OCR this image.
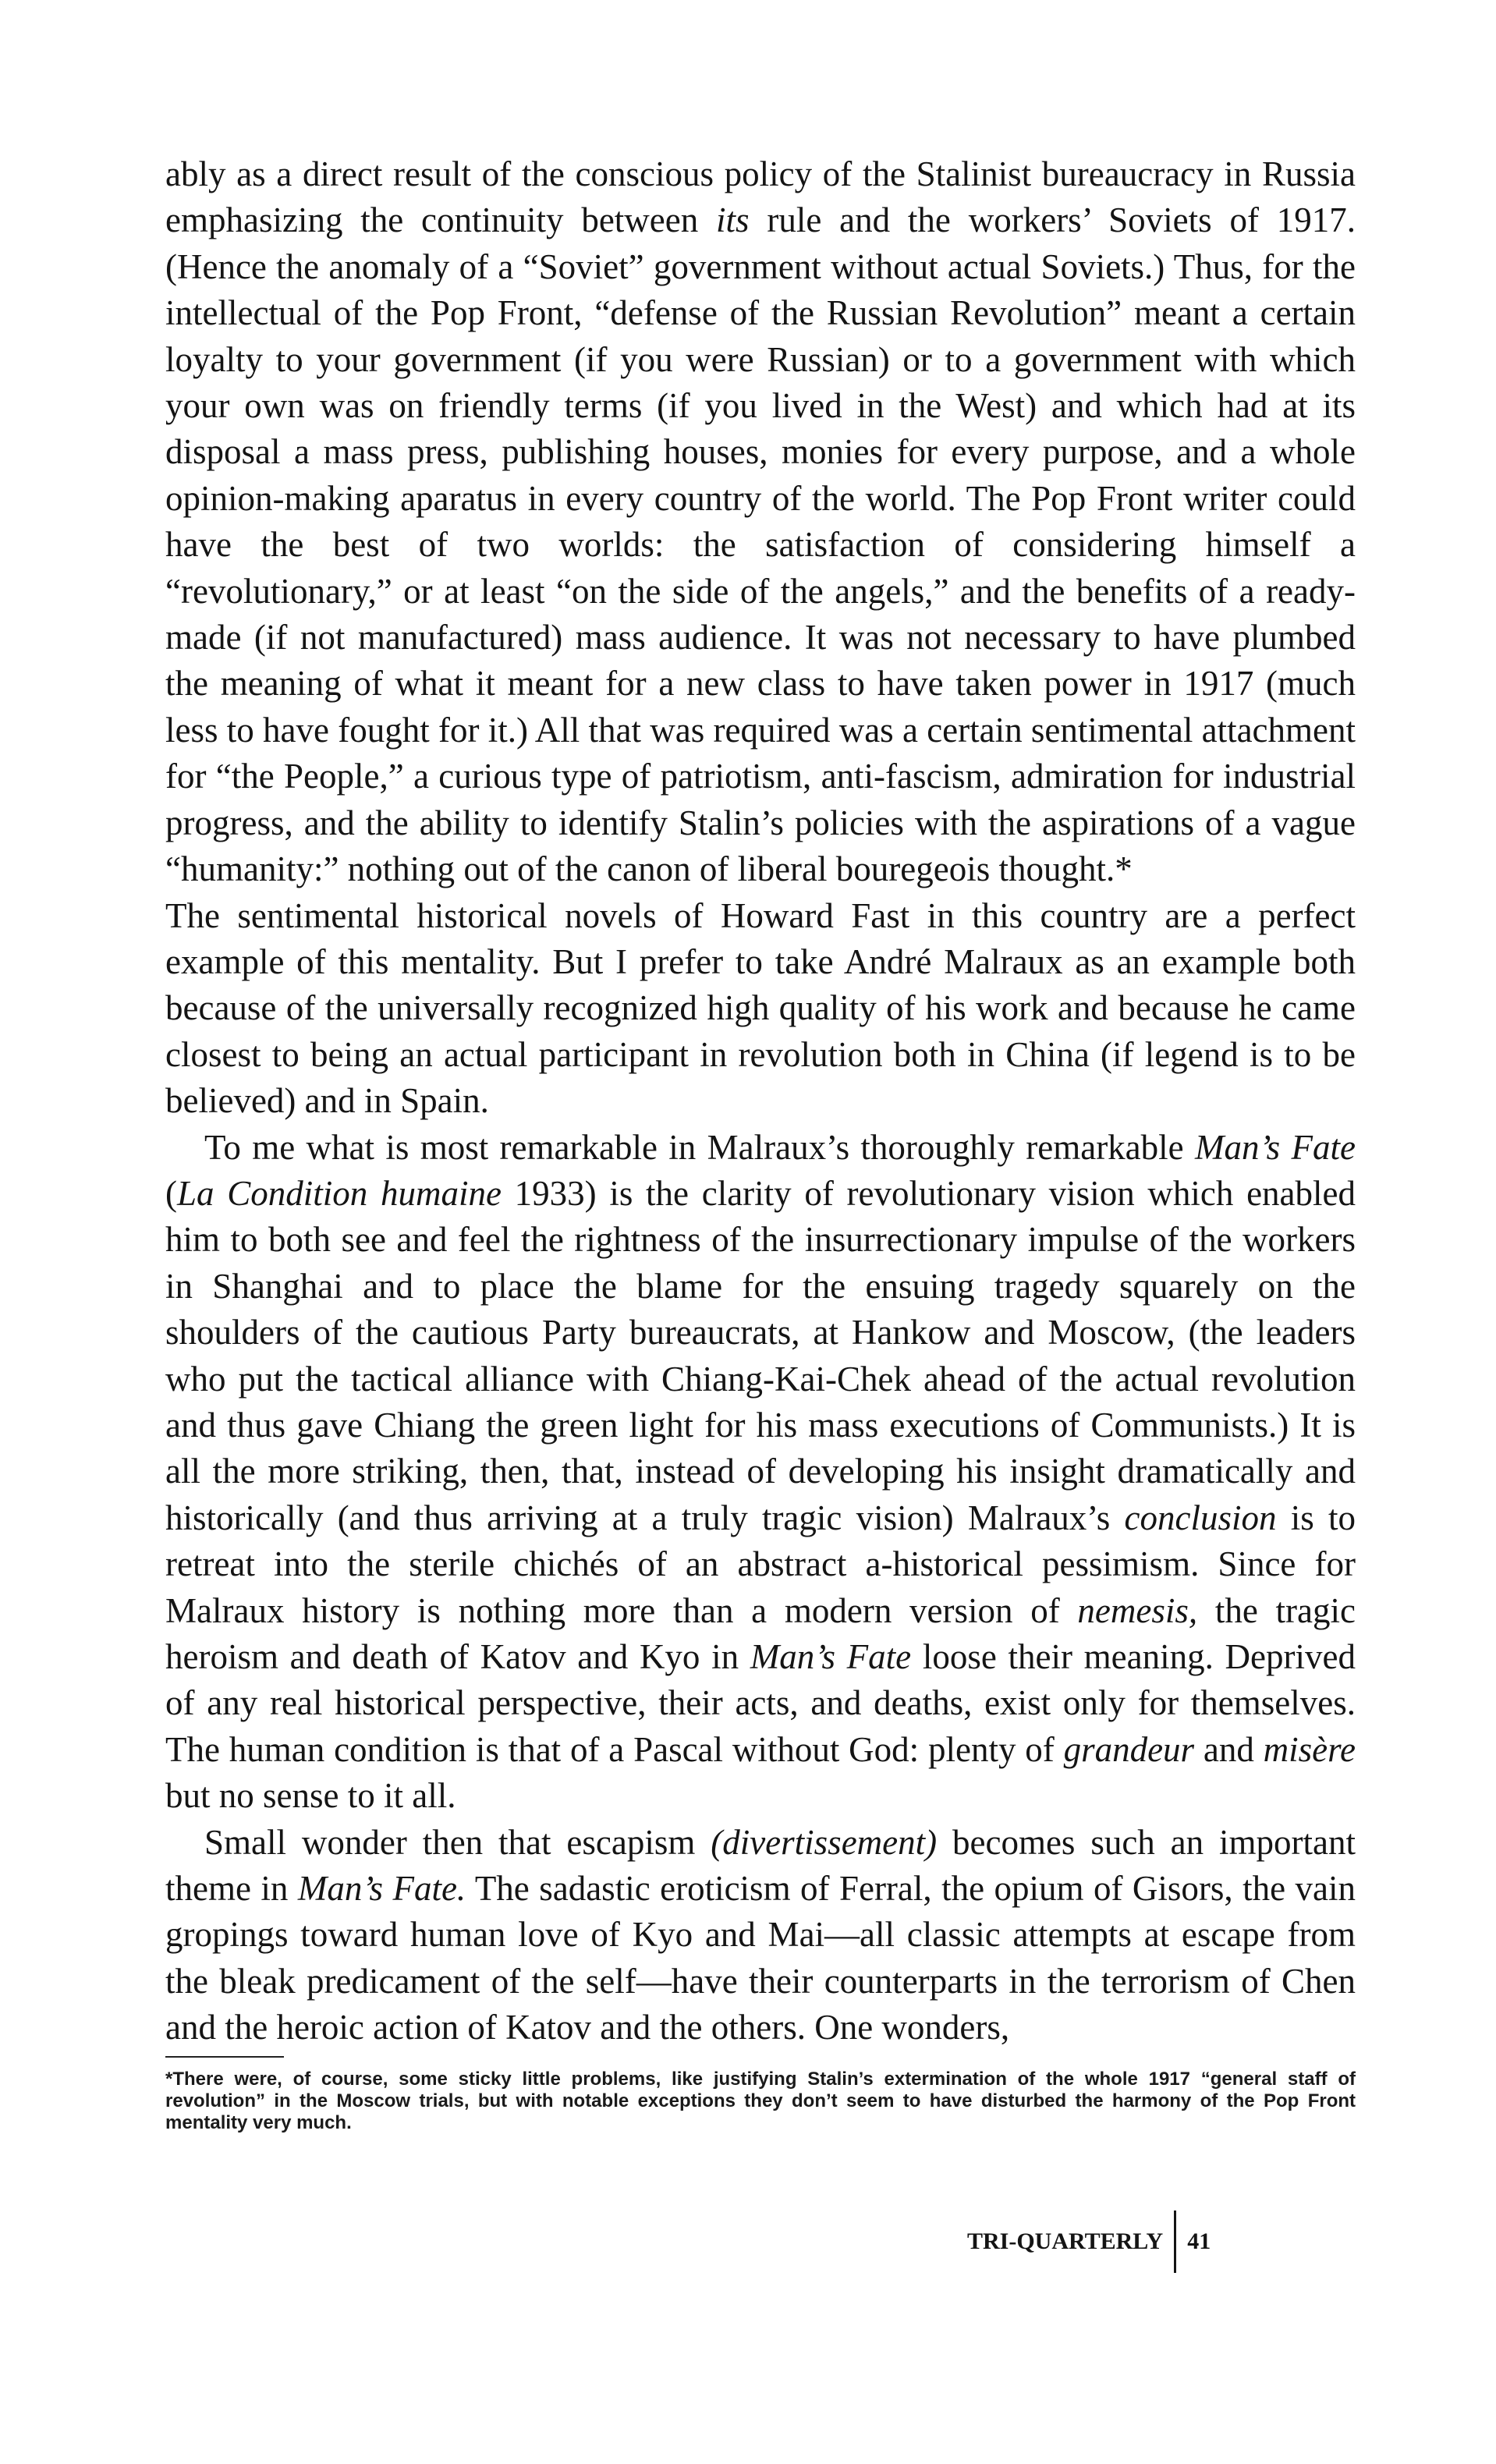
ably as a direct result of the conscious policy of the Stalinist bureaucracy in Russia emphasizing the continuity between its rule and the workers’ Soviets of 1917. (Hence the anomaly of a “Soviet” government without actual Soviets.) Thus, for the intellectual of the Pop Front, “defense of the Russian Revolution” meant a certain loyalty to your government (if you were Russian) or to a government with which your own was on friendly terms (if you lived in the West) and which had at its disposal a mass press, publishing houses, monies for every purpose, and a whole opinion-making aparatus in every country of the world. The Pop Front writer could have the best of two worlds: the satisfaction of considering himself a “revolutionary,” or at least “on the side of the angels,” and the benefits of a ready-made (if not manufactured) mass audience. It was not necessary to have plumbed the meaning of what it meant for a new class to have taken power in 1917 (much less to have fought for it.) All that was required was a certain sentimental attachment for “the People,” a curious type of patriotism, anti-fascism, admiration for industrial progress, and the ability to identify Stalin’s policies with the aspirations of a vague “humanity:” nothing out of the canon of liberal bouregeois thought.*

The sentimental historical novels of Howard Fast in this country are a perfect example of this mentality. But I prefer to take André Malraux as an example both because of the universally recognized high quality of his work and because he came closest to being an actual participant in revolution both in China (if legend is to be believed) and in Spain.

To me what is most remarkable in Malraux’s thoroughly remarkable Man’s Fate (La Condition humaine 1933) is the clarity of revolutionary vision which enabled him to both see and feel the rightness of the insurrectionary impulse of the workers in Shanghai and to place the blame for the ensuing tragedy squarely on the shoulders of the cautious Party bureaucrats, at Hankow and Moscow, (the leaders who put the tactical alliance with Chiang-Kai-Chek ahead of the actual revolution and thus gave Chiang the green light for his mass executions of Communists.) It is all the more striking, then, that, instead of developing his insight dramatically and historically (and thus arriving at a truly tragic vision) Malraux’s conclusion is to retreat into the sterile chichés of an abstract a-historical pessimism. Since for Malraux history is nothing more than a modern version of nemesis, the tragic heroism and death of Katov and Kyo in Man’s Fate loose their meaning. Deprived of any real historical perspective, their acts, and deaths, exist only for themselves. The human condition is that of a Pascal without God: plenty of grandeur and misère but no sense to it all.

Small wonder then that escapism (divertissement) becomes such an important theme in Man’s Fate. The sadastic eroticism of Ferral, the opium of Gisors, the vain gropings toward human love of Kyo and Mai—all classic attempts at escape from the bleak predicament of the self—have their counterparts in the terrorism of Chen and the heroic action of Katov and the others. One wonders,

*There were, of course, some sticky little problems, like justifying Stalin’s extermination of the whole 1917 “general staff of revolution” in the Moscow trials, but with notable exceptions they don’t seem to have disturbed the harmony of the Pop Front mentality very much.

TRI-QUARTERLY	41
